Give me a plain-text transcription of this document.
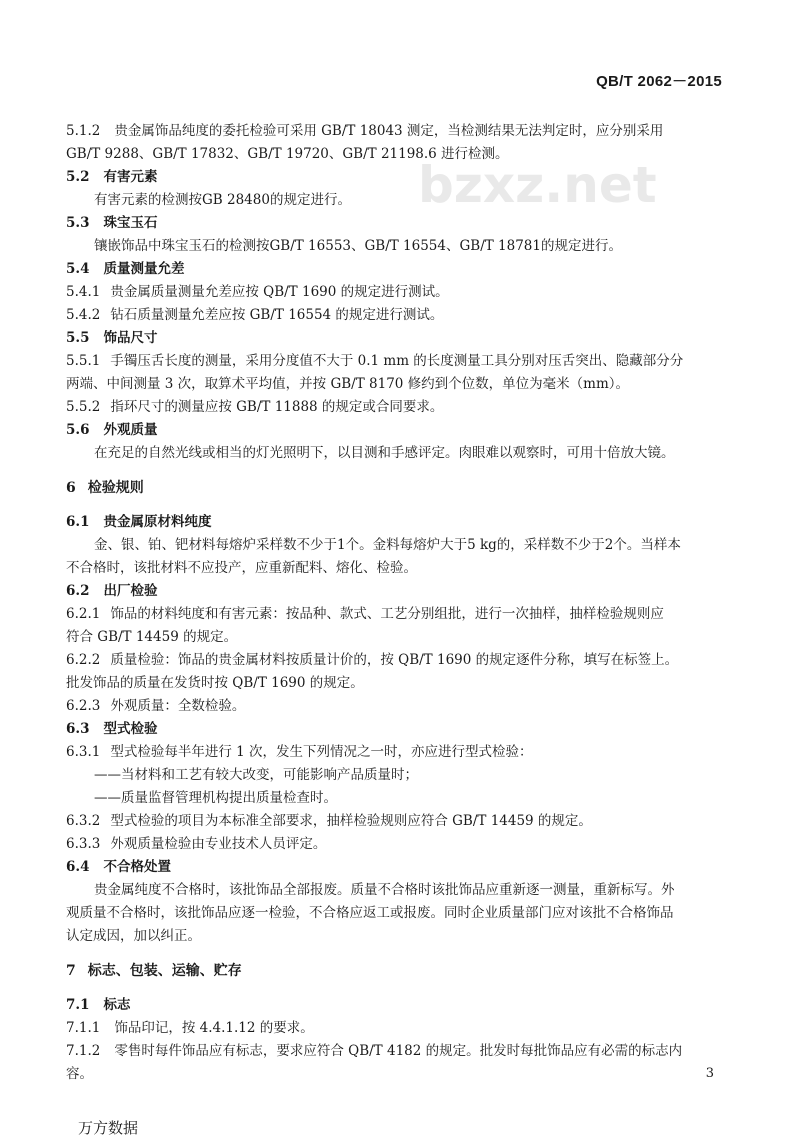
bzxz.net
QB/T 2062－2015
5.1.2 贵金属饰品纯度的委托检验可采用 GB/T 18043 测定，当检测结果无法判定时，应分别采用
GB/T 9288、GB/T 17832、GB/T 19720、GB/T 21198.6 进行检测。
5.2 有害元素
有害元素的检测按GB 28480的规定进行。
5.3 珠宝玉石
镶嵌饰品中珠宝玉石的检测按GB/T 16553、GB/T 16554、GB/T 18781的规定进行。
5.4 质量测量允差
5.4.1 贵金属质量测量允差应按 QB/T 1690 的规定进行测试。
5.4.2 钻石质量测量允差应按 GB/T 16554 的规定进行测试。
5.5 饰品尺寸
5.5.1 手镯压舌长度的测量，采用分度值不大于 0.1 mm 的长度测量工具分别对压舌突出、隐藏部分分
两端、中间测量 3 次，取算术平均值，并按 GB/T 8170 修约到个位数，单位为毫米（mm）。
5.5.2 指环尺寸的测量应按 GB/T 11888 的规定或合同要求。
5.6 外观质量
在充足的自然光线或相当的灯光照明下，以目测和手感评定。肉眼难以观察时，可用十倍放大镜。
6 检验规则
6.1 贵金属原材料纯度
金、银、铂、钯材料每熔炉采样数不少于1个。金料每熔炉大于5 kg的，采样数不少于2个。当样本
不合格时，该批材料不应投产，应重新配料、熔化、检验。
6.2 出厂检验
6.2.1 饰品的材料纯度和有害元素：按品种、款式、工艺分别组批，进行一次抽样，抽样检验规则应
符合 GB/T 14459 的规定。
6.2.2 质量检验：饰品的贵金属材料按质量计价的，按 QB/T 1690 的规定逐件分称，填写在标签上。
批发饰品的质量在发货时按 QB/T 1690 的规定。
6.2.3 外观质量：全数检验。
6.3 型式检验
6.3.1 型式检验每半年进行 1 次，发生下列情况之一时，亦应进行型式检验：
——当材料和工艺有较大改变，可能影响产品质量时；
——质量监督管理机构提出质量检查时。
6.3.2 型式检验的项目为本标准全部要求，抽样检验规则应符合 GB/T 14459 的规定。
6.3.3 外观质量检验由专业技术人员评定。
6.4 不合格处置
贵金属纯度不合格时，该批饰品全部报废。质量不合格时该批饰品应重新逐一测量，重新标写。外
观质量不合格时，该批饰品应逐一检验，不合格应返工或报废。同时企业质量部门应对该批不合格饰品
认定成因，加以纠正。
7 标志、包装、运输、贮存
7.1 标志
7.1.1 饰品印记，按 4.4.1.12 的要求。
7.1.2 零售时每件饰品应有标志，要求应符合 QB/T 4182 的规定。批发时每批饰品应有必需的标志内
容。	3
万方数据
